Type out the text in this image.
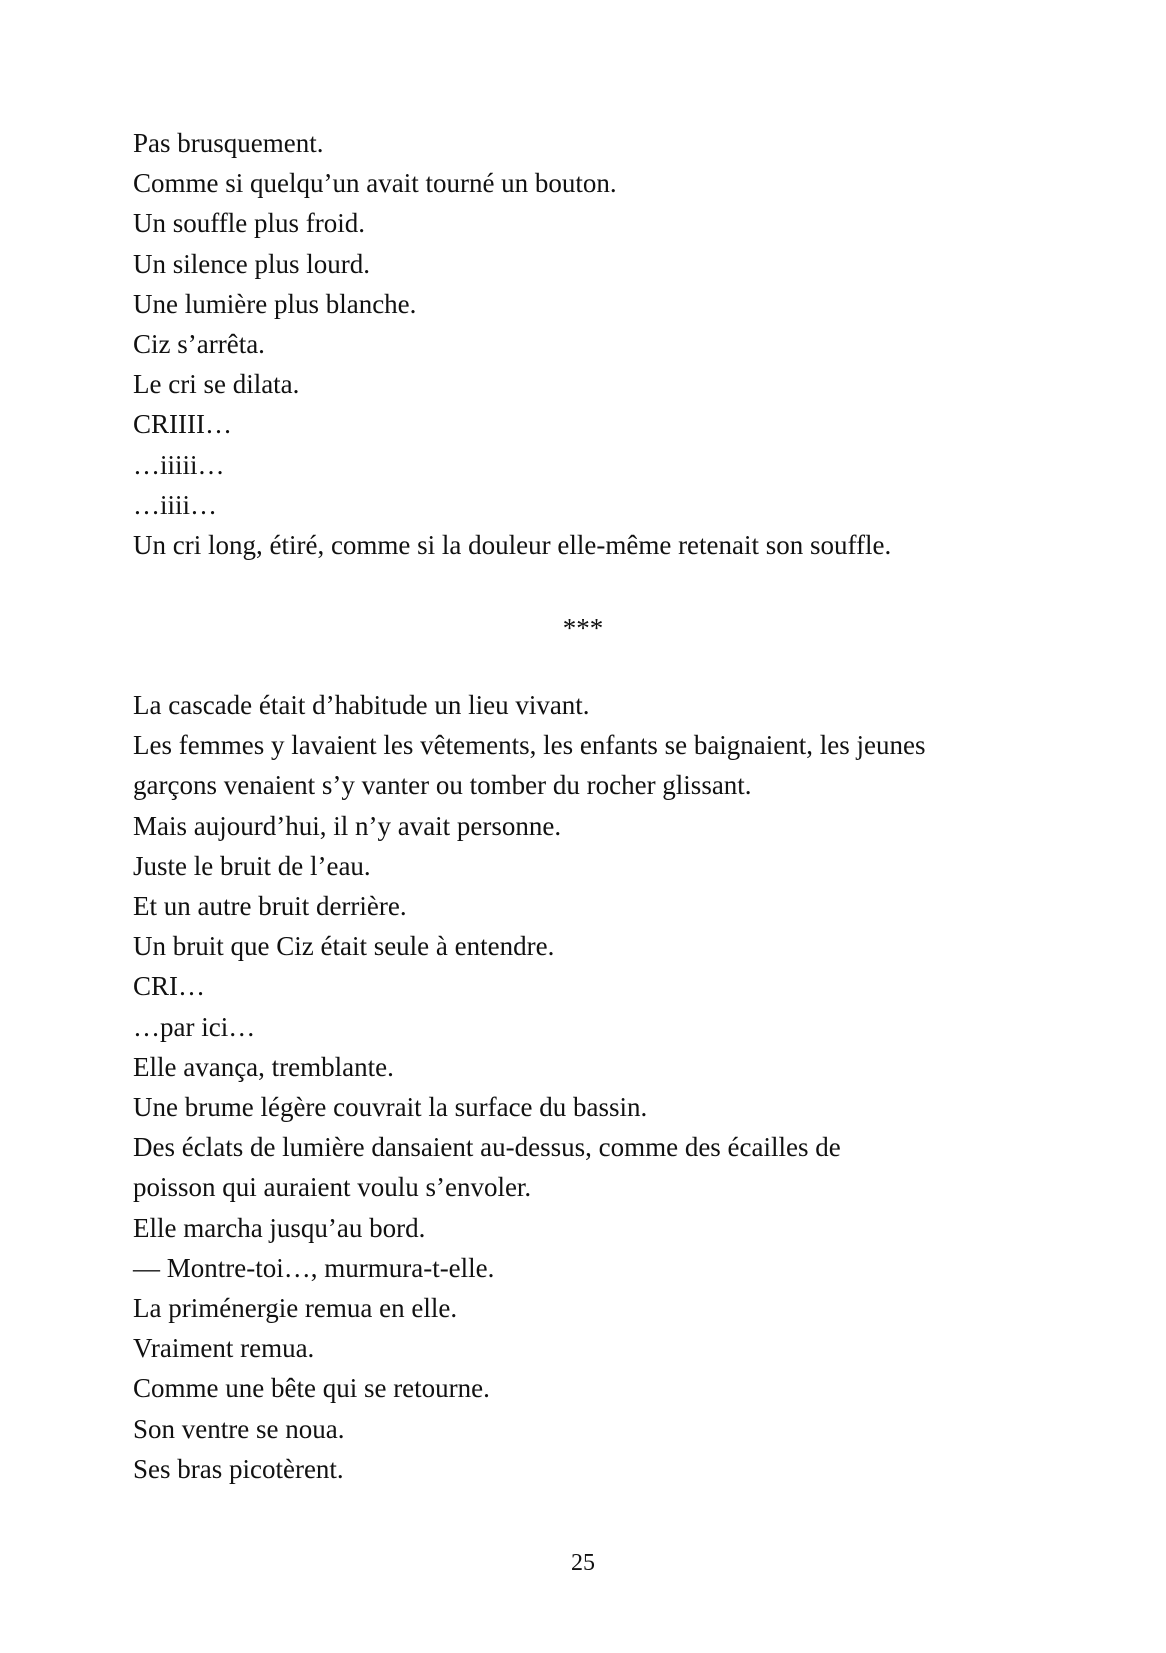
Pas brusquement.
Comme si quelqu’un avait tourné un bouton.
Un souffle plus froid.
Un silence plus lourd.
Une lumière plus blanche.
Ciz s’arrêta.
Le cri se dilata.
CRIIII…
…iiiii…
…iiii…
Un cri long, étiré, comme si la douleur elle-même retenait son souffle.
***
La cascade était d’habitude un lieu vivant.
Les femmes y lavaient les vêtements, les enfants se baignaient, les jeunes
garçons venaient s’y vanter ou tomber du rocher glissant.
Mais aujourd’hui, il n’y avait personne.
Juste le bruit de l’eau.
Et un autre bruit derrière.
Un bruit que Ciz était seule à entendre.
CRI…
…par ici…
Elle avança, tremblante.
Une brume légère couvrait la surface du bassin.
Des éclats de lumière dansaient au-dessus, comme des écailles de
poisson qui auraient voulu s’envoler.
Elle marcha jusqu’au bord.
— Montre-toi…, murmura-t-elle.
La priménergie remua en elle.
Vraiment remua.
Comme une bête qui se retourne.
Son ventre se noua.
Ses bras picotèrent.
25
